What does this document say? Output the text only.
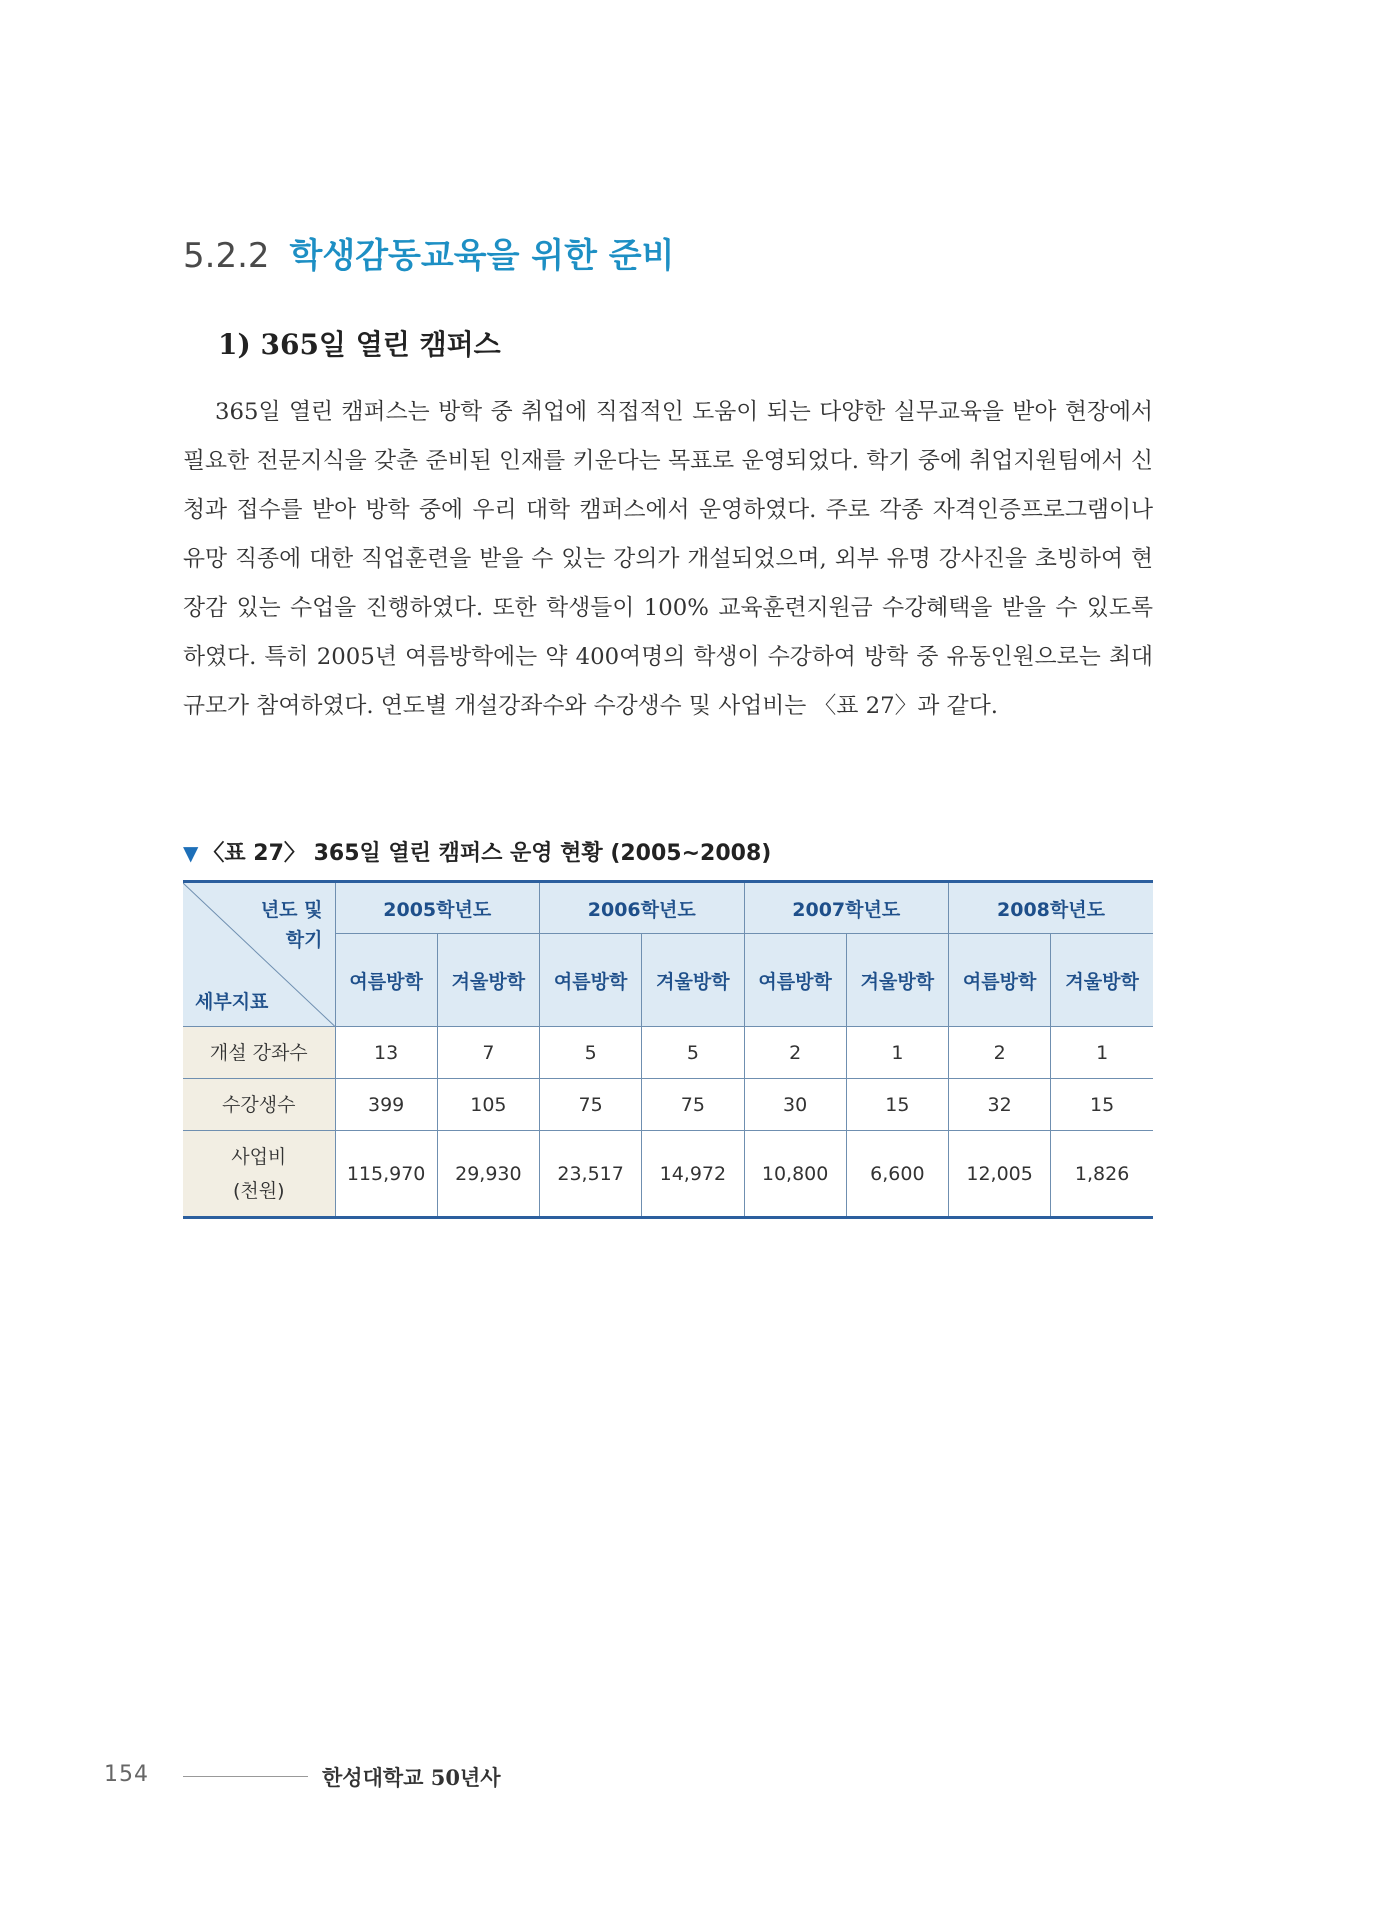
5.2.2 학생감동교육을 위한 준비
1) 365일 열린 캠퍼스

365일 열린 캠퍼스는 방학 중 취업에 직접적인 도움이 되는 다양한 실무교육을 받아 현장에서 필요한 전문지식을 갖춘 준비된 인재를 키운다는 목표로 운영되었다. 학기 중에 취업지원팀에서 신청과 접수를 받아 방학 중에 우리 대학 캠퍼스에서 운영하였다. 주로 각종 자격인증프로그램이나 유망 직종에 대한 직업훈련을 받을 수 있는 강의가 개설되었으며, 외부 유명 강사진을 초빙하여 현장감 있는 수업을 진행하였다. 또한 학생들이 100% 교육훈련지원금 수강혜택을 받을 수 있도록 하였다. 특히 2005년 여름방학에는 약 400여명의 학생이 수강하여 방학 중 유동인원으로는 최대 규모가 참여하였다. 연도별 개설강좌수와 수강생수 및 사업비는 〈표 27〉과 같다.

▼ 〈표 27〉 365일 열린 캠퍼스 운영 현황 (2005~2008)

년도 및
학기
세부지표	2005학년도		2006학년도		2007학년도		2008학년도	
	여름방학	겨울방학	여름방학	겨울방학	여름방학	겨울방학	여름방학	겨울방학
개설 강좌수	13	7	5	5	2	1	2	1
수강생수	399	105	75	75	30	15	32	15

사업비
(천원)	115,970	29,930	23,517	14,972	10,800	6,600	12,005	1,826

154	한성대학교 50년사
